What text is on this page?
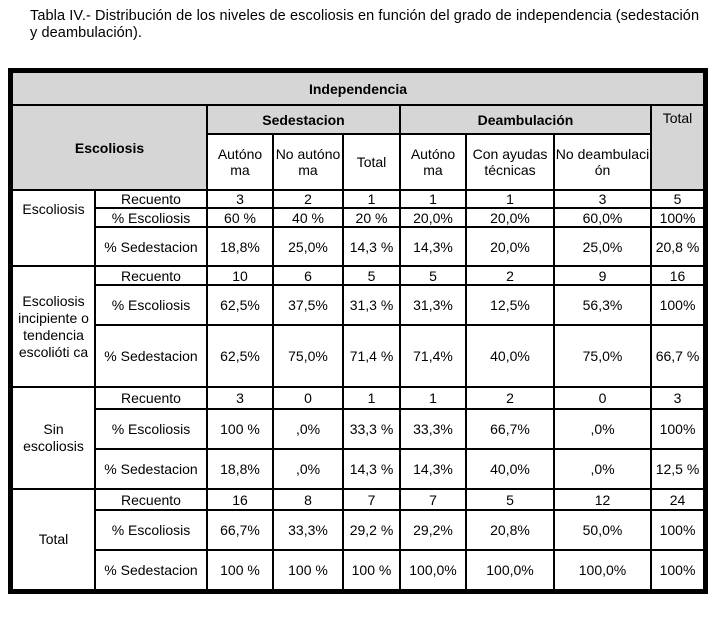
Tabla IV.- Distribución de los niveles de escoliosis en función del grado de independencia (sedestación y deambulación).
Independencia								
Escoliosis		Sedestacion			Deambulación			Total
		Autóno ma	No autóno ma	Total	Autóno ma	Con ayudas técnicas	No deambulaci ón	
Escoliosis	Recuento	3	2	1	1	1	3	5
	% Escoliosis	60 %	40 %	20 %	20,0%	20,0%	60,0%	100%
	% Sedestacion	18,8%	25,0%	14,3 %	14,3%	20,0%	25,0%	20,8 %
Escoliosis incipiente o tendencia escolióti ca	Recuento	10	6	5	5	2	9	16
	% Escoliosis	62,5%	37,5%	31,3 %	31,3%	12,5%	56,3%	100%
	% Sedestacion	62,5%	75,0%	71,4 %	71,4%	40,0%	75,0%	66,7 %
Sin escoliosis	Recuento	3	0	1	1	2	0	3
	% Escoliosis	100 %	,0%	33,3 %	33,3%	66,7%	,0%	100%
	% Sedestacion	18,8%	,0%	14,3 %	14,3%	40,0%	,0%	12,5 %
Total	Recuento	16	8	7	7	5	12	24
	% Escoliosis	66,7%	33,3%	29,2 %	29,2%	20,8%	50,0%	100%
	% Sedestacion	100 %	100 %	100 %	100,0%	100,0%	100,0%	100%
